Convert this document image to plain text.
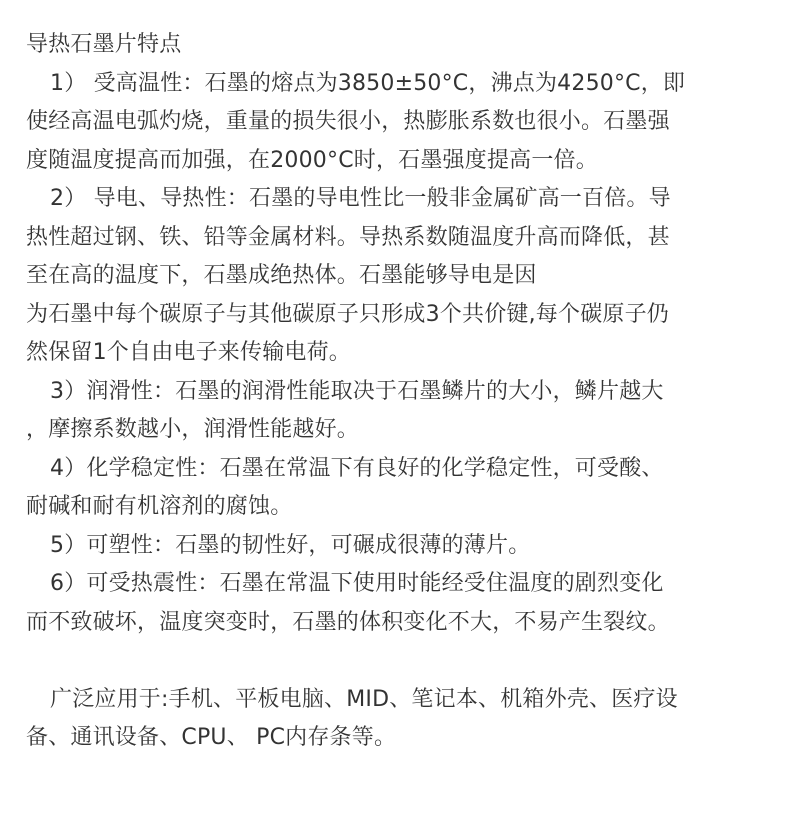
导热石墨片特点
1） 受高温性：石墨的熔点为3850±50°C，沸点为4250°C，即
使经高温电弧灼烧，重量的损失很小，热膨胀系数也很小。石墨强
度随温度提高而加强，在2000°C时，石墨强度提高一倍。
2） 导电、导热性：石墨的导电性比一般非金属矿高一百倍。导
热性超过钢、铁、铅等金属材料。导热系数随温度升高而降低，甚
至在高的温度下，石墨成绝热体。石墨能够导电是因
为石墨中每个碳原子与其他碳原子只形成3个共价键,每个碳原子仍
然保留1个自由电子来传输电荷。
3）润滑性：石墨的润滑性能取决于石墨鳞片的大小，鳞片越大
，摩擦系数越小，润滑性能越好。
4）化学稳定性：石墨在常温下有良好的化学稳定性，可受酸、
耐碱和耐有机溶剂的腐蚀。
5）可塑性：石墨的韧性好，可碾成很薄的薄片。
6）可受热震性：石墨在常温下使用时能经受住温度的剧烈变化
而不致破坏，温度突变时，石墨的体积变化不大，不易产生裂纹。
广泛应用于:手机、平板电脑、MID、笔记本、机箱外壳、医疗设
备、通讯设备、CPU、 PC内存条等。
